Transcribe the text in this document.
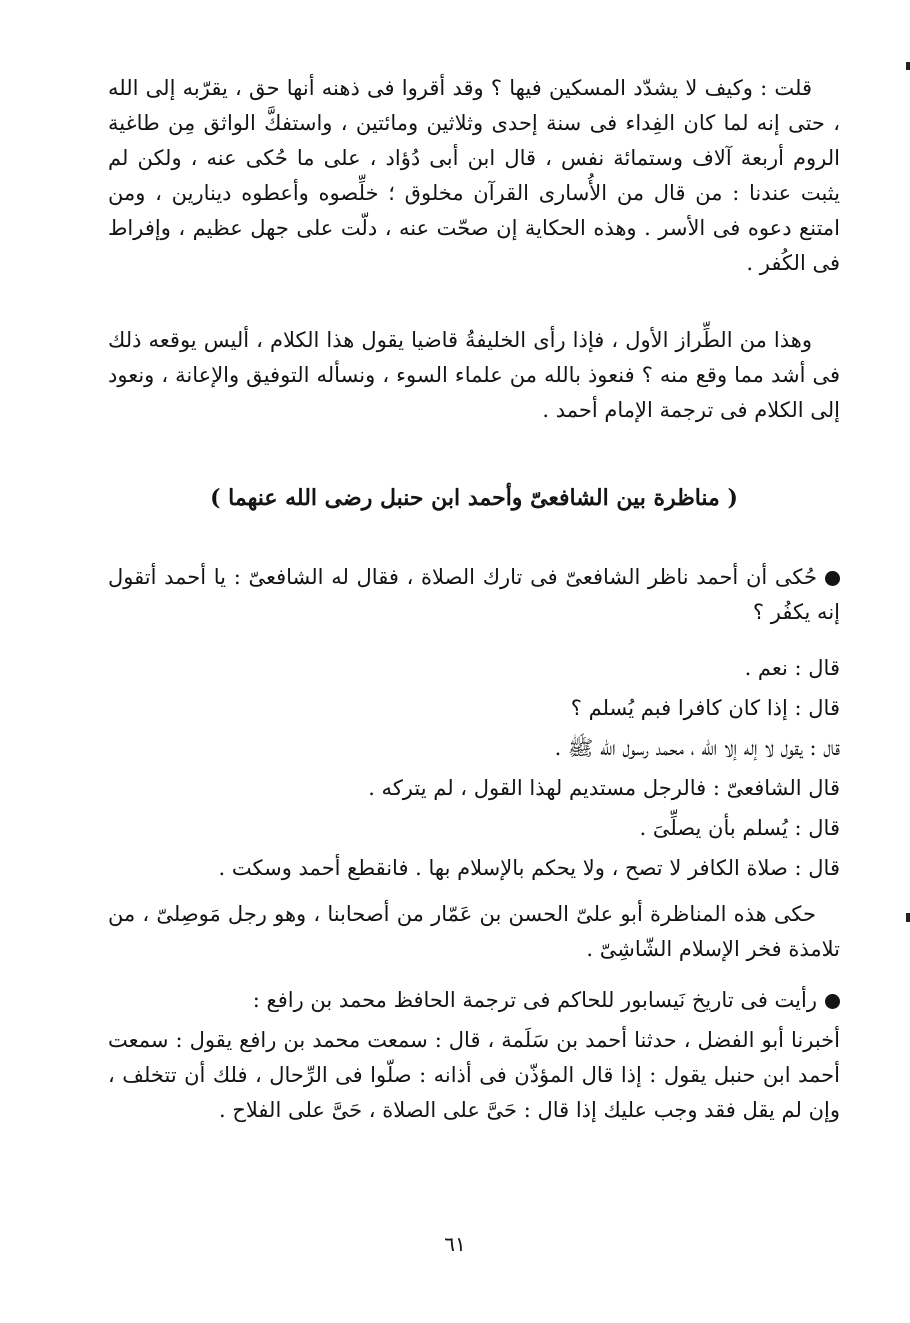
قلت : وكيف لا يشدّد المسكين فيها ؟ وقد أقروا فى ذهنه أنها حق ، يقرّبه إلى الله ، حتى إنه لما كان الفِداء فى سنة إحدى وثلاثين ومائتين ، واستفكَّ الواثق مِن طاغية الروم أربعة آلاف وستمائة نفس ، قال ابن أبى دُؤاد ، على ما حُكى عنه ، ولكن لم يثبت عندنا : من قال من الأُسارى القرآن مخلوق ؛ خلِّصوه وأعطوه دينارين ، ومن امتنع دعوه فى الأسر . وهذه الحكاية إن صحّت عنه ، دلّت على جهل عظيم ، وإفراط فى الكُفر .

وهذا من الطِّراز الأول ، فإذا رأى الخليفةُ قاضيا يقول هذا الكلام ، أليس يوقعه ذلك فى أشد مما وقع منه ؟ فنعوذ بالله من علماء السوء ، ونسأله التوفيق والإعانة ، ونعود إلى الكلام فى ترجمة الإمام أحمد .

( مناظرة بين الشافعىّ وأحمد ابن حنبل رضى الله عنهما )
حُكى أن أحمد ناظر الشافعىّ فى تارك الصلاة ، فقال له الشافعىّ : يا أحمد أتقول إنه يكفُر ؟
قال : نعم .
قال : إذا كان كافرا فبم يُسلم ؟
قال : يقول لا إله إلا الله ، محمد رسول الله ﷺ .
قال الشافعىّ : فالرجل مستديم لهذا القول ، لم يتركه .
قال : يُسلم بأن يصلِّىَ .
قال : صلاة الكافر لا تصح ، ولا يحكم بالإسلام بها . فانقطع أحمد وسكت .

حكى هذه المناظرة أبو علىّ الحسن بن عَمّار من أصحابنا ، وهو رجل مَوصِلىّ ، من تلامذة فخر الإسلام الشّاشِىّ .

رأيت فى تاريخ نَيسابور للحاكم فى ترجمة الحافظ محمد بن رافع :

أخبرنا أبو الفضل ، حدثنا أحمد بن سَلَمة ، قال : سمعت محمد بن رافع يقول : سمعت أحمد ابن حنبل يقول : إذا قال المؤذّن فى أذانه : صلّوا فى الرِّحال ، فلك أن تتخلف ، وإن لم يقل فقد وجب عليك إذا قال : حَىَّ على الصلاة ، حَىَّ على الفلاح .

٦١
